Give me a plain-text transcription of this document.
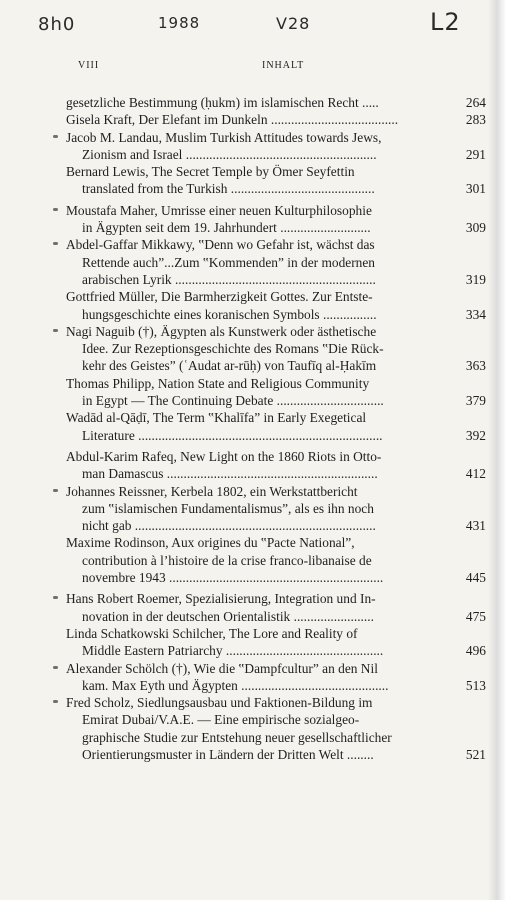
8h0	1988	V28	L2
VIII	INHALT
gesetzliche Bestimmung (ḥukm) im islamischen Recht .....	264
Gisela Kraft, Der Elefant im Dunkeln ......................................	283
Jacob M. Landau, Muslim Turkish Attitudes towards Jews,
Zionism and Israel .........................................................	291
Bernard Lewis, The Secret Temple by Ömer Seyfettin
translated from the Turkish ...........................................	301
Moustafa Maher, Umrisse einer neuen Kulturphilosophie
in Ägypten seit dem 19. Jahrhundert ...........................	309
Abdel-Gaffar Mikkawy, ‟Denn wo Gefahr ist, wächst das
Rettende auch”...Zum ‟Kommenden” in der modernen
arabischen Lyrik ............................................................	319
Gottfried Müller, Die Barmherzigkeit Gottes. Zur Entste-
hungsgeschichte eines koranischen Symbols ................	334
Nagi Naguib (†), Ägypten als Kunstwerk oder ästhetische
Idee. Zur Rezeptionsgeschichte des Romans ‟Die Rück-
kehr des Geistes” (ʿAudat ar-rūḥ) von Taufīq al-Ḥakīm	363
Thomas Philipp, Nation State and Religious Community
in Egypt — The Continuing Debate ................................	379
Wadād al-Qāḍī, The Term ‟Khalīfa” in Early Exegetical
Literature .........................................................................	392
Abdul-Karim Rafeq, New Light on the 1860 Riots in Otto-
man Damascus ...............................................................	412
Johannes Reissner, Kerbela 1802, ein Werkstattbericht
zum ‟islamischen Fundamentalismus”, als es ihn noch
nicht gab ........................................................................	431
Maxime Rodinson, Aux origines du ‟Pacte National”,
contribution à l’histoire de la crise franco-libanaise de
novembre 1943 ................................................................	445
Hans Robert Roemer, Spezialisierung, Integration und In-
novation in der deutschen Orientalistik ........................	475
Linda Schatkowski Schilcher, The Lore and Reality of
Middle Eastern Patriarchy ...............................................	496
Alexander Schölch (†), Wie die ‟Dampfcultur” an den Nil
kam. Max Eyth und Ägypten ............................................	513
Fred Scholz, Siedlungsausbau und Faktionen-Bildung im
Emirat Dubai/V.A.E. — Eine empirische sozialgeo-
graphische Studie zur Entstehung neuer gesellschaftlicher
Orientierungsmuster in Ländern der Dritten Welt ........	521
